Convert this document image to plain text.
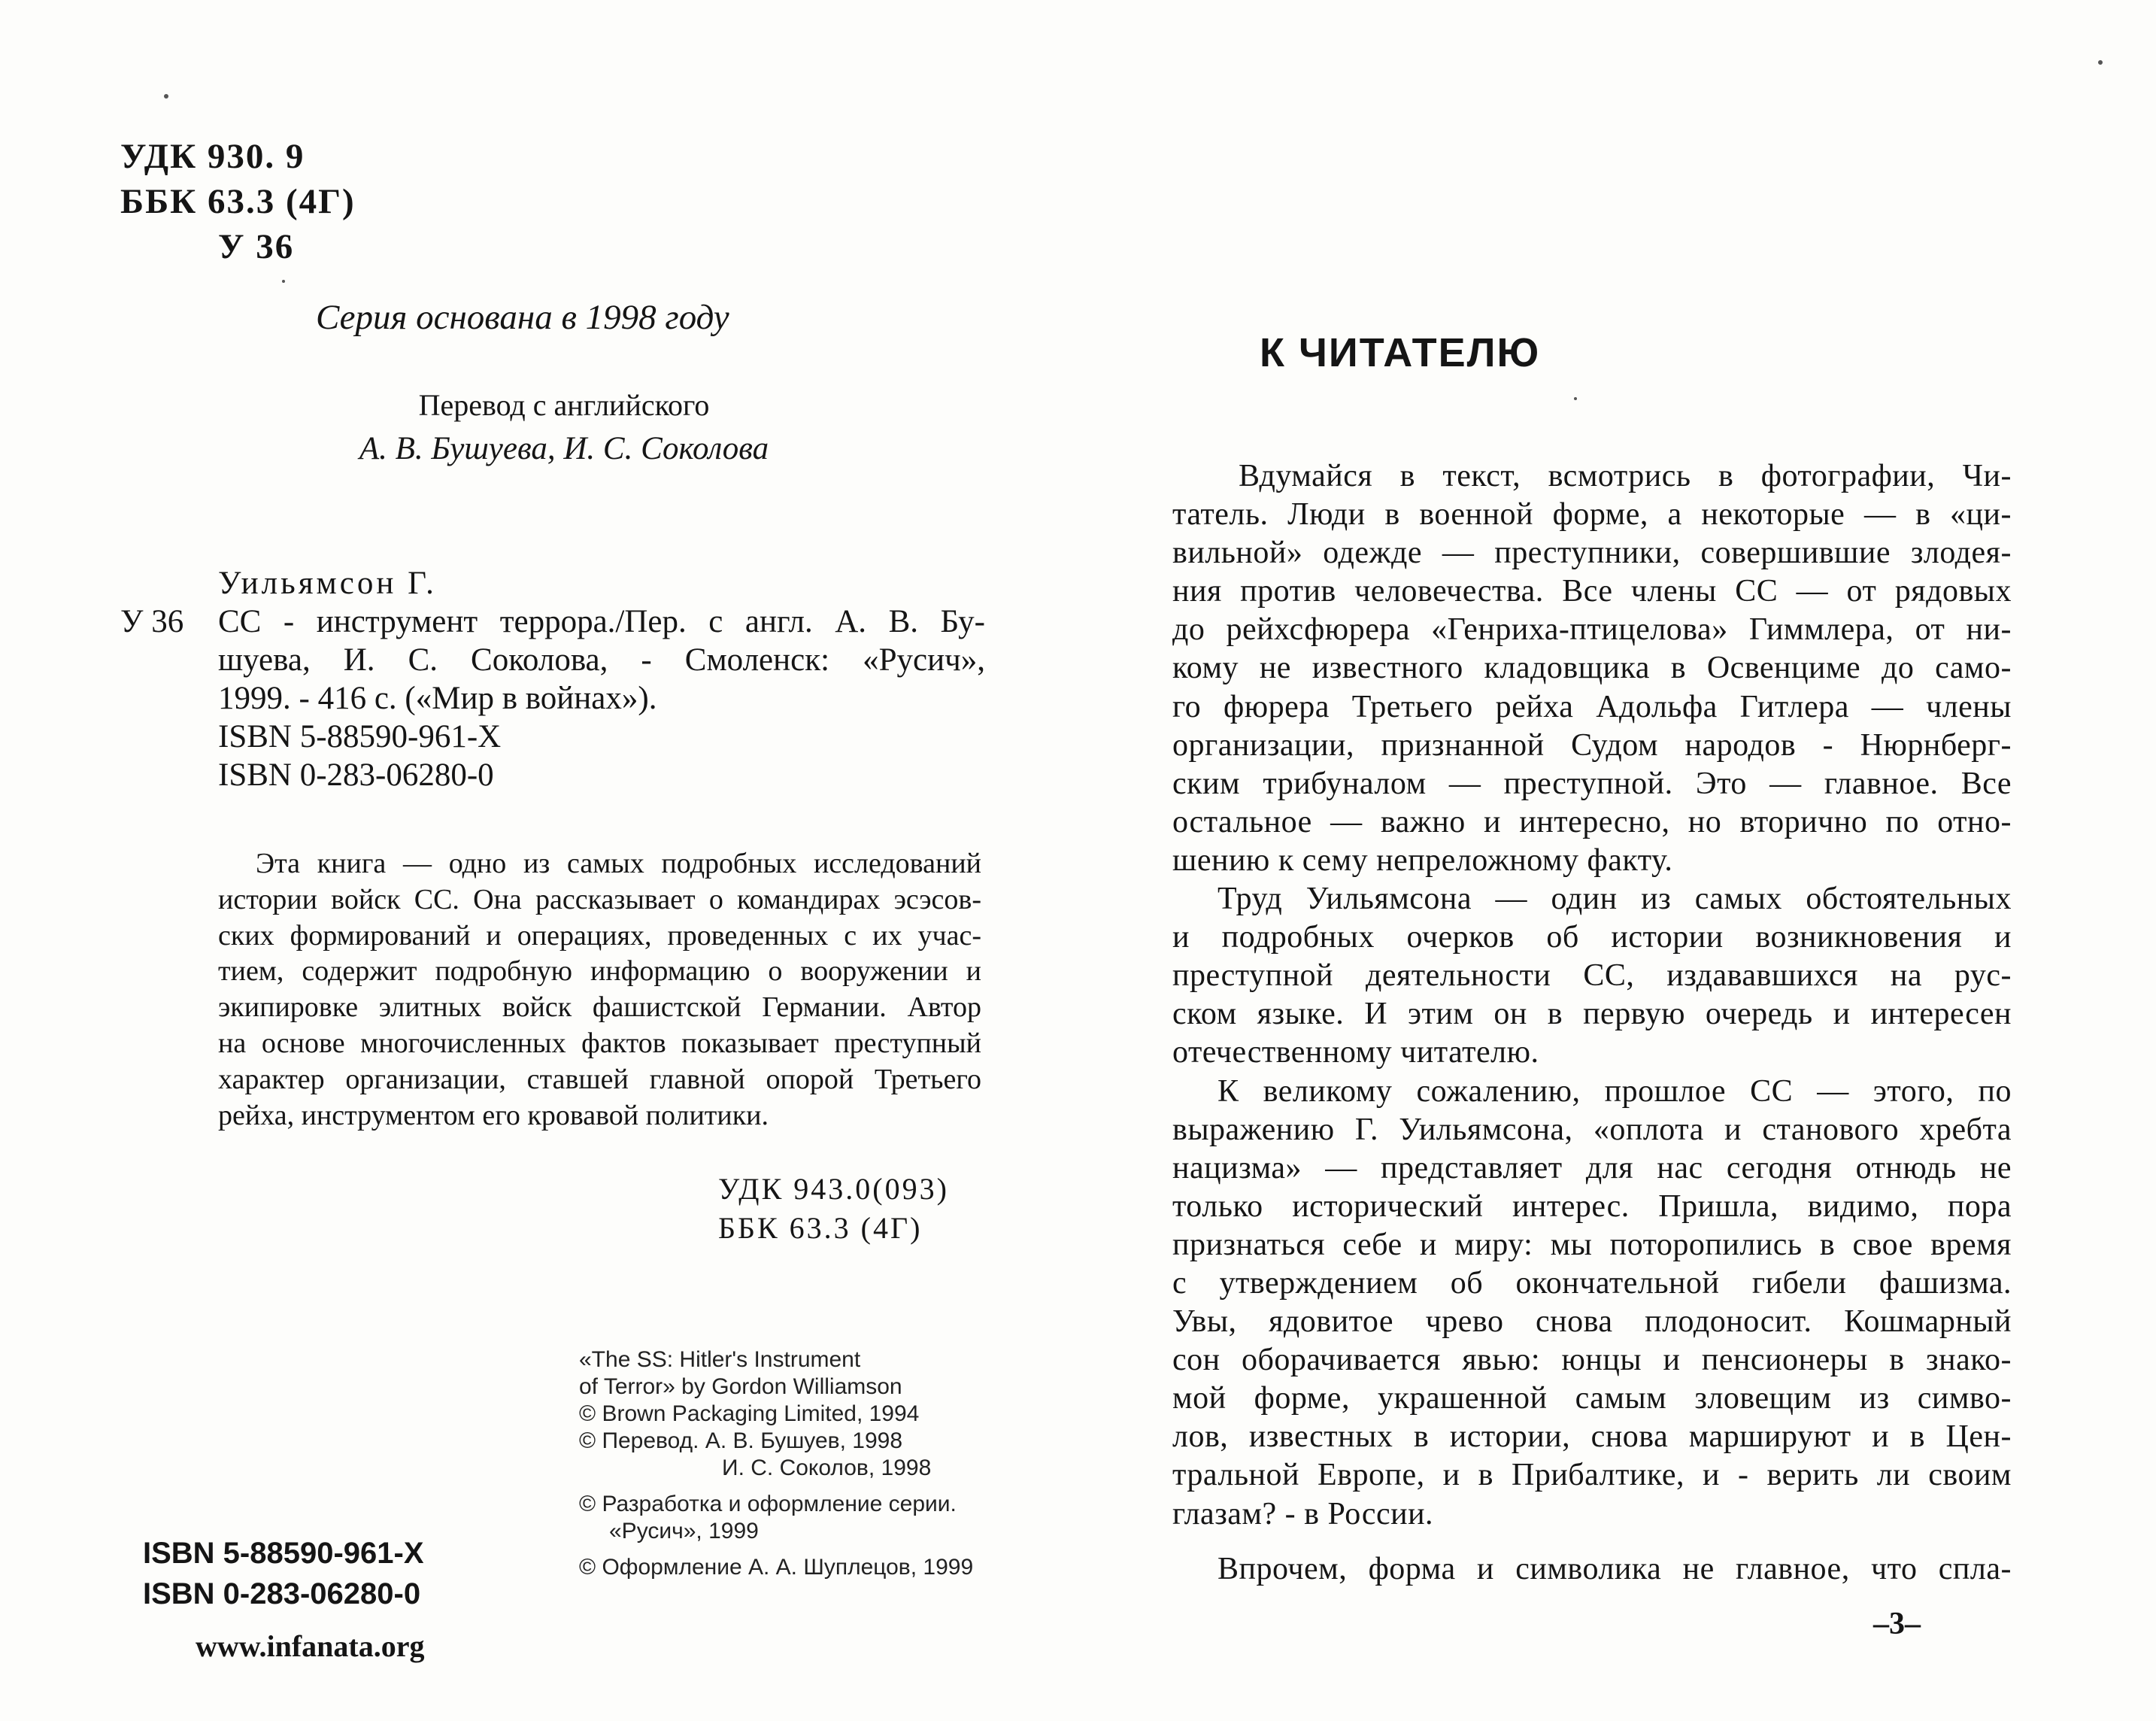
УДК 930. 9
ББК 63.3 (4Г)
У 36

Серия основана в 1998 году

Перевод с английского
А. В. Бушуева, И. С. Соколова
Уильямсон Г.
У 36	СС - инструмент террора./Пер. с англ. А. В. Бу-
шуева, И. С. Соколова, - Смоленск: «Русич»,
1999. - 416 с. («Мир в войнах»).
ISBN 5-88590-961-Х
ISBN 0-283-06280-0
Эта книга — одно из самых подробных исследований
истории войск СС. Она рассказывает о командирах эсэсов-
ских формирований и операциях, проведенных с их учас-
тием, содержит подробную информацию о вооружении и
экипировке элитных войск фашистской Германии. Автор
на основе многочисленных фактов показывает преступный
характер организации, ставшей главной опорой Третьего
рейха, инструментом его кровавой политики.
УДК 943.0(093)
ББК 63.3 (4Г)
«The SS: Hitler's Instrument
of Terror» by Gordon Williamson
© Brown Packaging Limited, 1994
© Перевод. А. В. Бушуев, 1998
И. С. Соколов, 1998
© Разработка и оформление серии.
«Русич», 1999
© Оформление А. А. Шуплецов, 1999
ISBN 5-88590-961-X
ISBN 0-283-06280-0
www.infanata.org
К ЧИТАТЕЛЮ
Вдумайся в текст, всмотрись в фотографии, Чи-
татель. Люди в военной форме, а некоторые — в «ци-
вильной» одежде — преступники, совершившие злодея-
ния против человечества. Все члены СС — от рядовых
до рейхсфюрера «Генриха-птицелова» Гиммлера, от ни-
кому не известного кладовщика в Освенциме до само-
го фюрера Третьего рейха Адольфа Гитлера — члены
организации, признанной Судом народов - Нюрнберг-
ским трибуналом — преступной. Это — главное. Все
остальное — важно и интересно, но вторично по отно-
шению к сему непреложному факту.
Труд Уильямсона — один из самых обстоятельных
и подробных очерков об истории возникновения и
преступной деятельности СС, издававшихся на рус-
ском языке. И этим он в первую очередь и интересен
отечественному читателю.
К великому сожалению, прошлое СС — этого, по
выражению Г. Уильямсона, «оплота и станового хребта
нацизма» — представляет для нас сегодня отнюдь не
только исторический интерес. Пришла, видимо, пора
признаться себе и миру: мы поторопились в свое время
с утверждением об окончательной гибели фашизма.
Увы, ядовитое чрево снова плодоносит. Кошмарный
сон оборачивается явью: юнцы и пенсионеры в знако-
мой форме, украшенной самым зловещим из симво-
лов, известных в истории, снова маршируют и в Цен-
тральной Европе, и в Прибалтике, и - верить ли своим
глазам? - в России.
Впрочем, форма и символика не главное, что спла-
–3–
